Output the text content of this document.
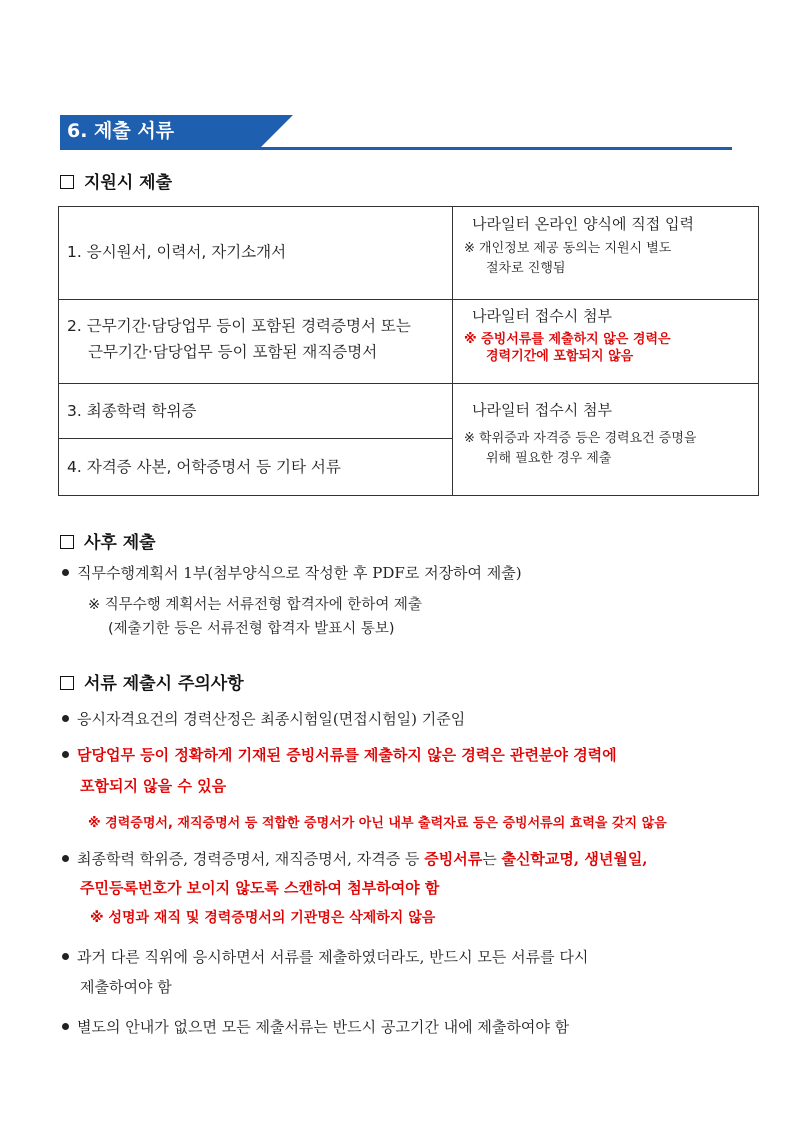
6. 제출 서류
지원시 제출
1. 응시원서, 이력서, 자기소개서
나라일터 온라인 양식에 직접 입력
※ 개인정보 제공 동의는 지원시 별도
절차로 진행됨
2. 근무기간·담당업무 등이 포함된 경력증명서 또는
근무기간·담당업무 등이 포함된 재직증명서
나라일터 접수시 첨부
※ 증빙서류를 제출하지 않은 경력은
경력기간에 포함되지 않음
3. 최종학력 학위증	나라일터 접수시 첨부
※ 학위증과 자격증 등은 경력요건 증명을
위해 필요한 경우 제출
4. 자격증 사본, 어학증명서 등 기타 서류
사후 제출
직무수행계획서 1부(첨부양식으로 작성한 후 PDF로 저장하여 제출)
※ 직무수행 계획서는 서류전형 합격자에 한하여 제출
(제출기한 등은 서류전형 합격자 발표시 통보)
서류 제출시 주의사항
응시자격요건의 경력산정은 최종시험일(면접시험일) 기준임
담당업무 등이 정확하게 기재된 증빙서류를 제출하지 않은 경력은 관련분야 경력에
포함되지 않을 수 있음
※ 경력증명서, 재직증명서 등 적합한 증명서가 아닌 내부 출력자료 등은 증빙서류의 효력을 갖지 않음
최종학력 학위증, 경력증명서, 재직증명서, 자격증 등 증빙서류는 출신학교명, 생년월일,
주민등록번호가 보이지 않도록 스캔하여 첨부하여야 함
※ 성명과 재직 및 경력증명서의 기관명은 삭제하지 않음
과거 다른 직위에 응시하면서 서류를 제출하였더라도, 반드시 모든 서류를 다시
제출하여야 함
별도의 안내가 없으면 모든 제출서류는 반드시 공고기간 내에 제출하여야 함
